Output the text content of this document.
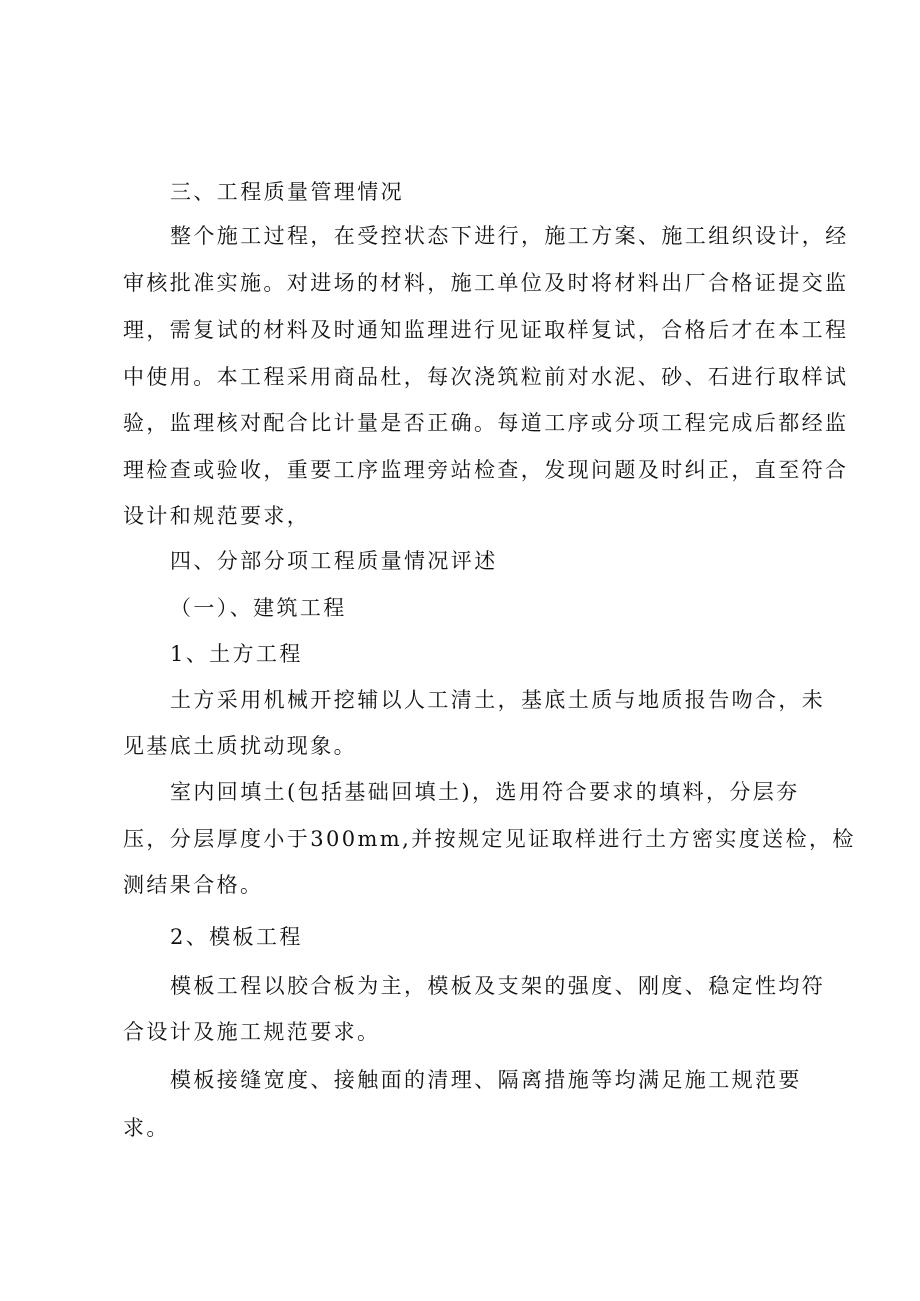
三、工程质量管理情况
整个施工过程，在受控状态下进行，施工方案、施工组织设计，经
审核批准实施。对进场的材料，施工单位及时将材料出厂合格证提交监
理，需复试的材料及时通知监理进行见证取样复试，合格后才在本工程
中使用。本工程采用商品杜，每次浇筑粒前对水泥、砂、石进行取样试
验，监理核对配合比计量是否正确。每道工序或分项工程完成后都经监
理检查或验收，重要工序监理旁站检查，发现问题及时纠正，直至符合
设计和规范要求，
四、分部分项工程质量情况评述
（一）、建筑工程
1、土方工程
土方采用机械开挖辅以人工清土，基底土质与地质报告吻合，未
见基底土质扰动现象。
室内回填土(包括基础回填土)，选用符合要求的填料，分层夯
压，分层厚度小于300mm,并按规定见证取样进行土方密实度送检，检
测结果合格。
2、模板工程
模板工程以胶合板为主，模板及支架的强度、刚度、稳定性均符
合设计及施工规范要求。
模板接缝宽度、接触面的清理、隔离措施等均满足施工规范要
求。
